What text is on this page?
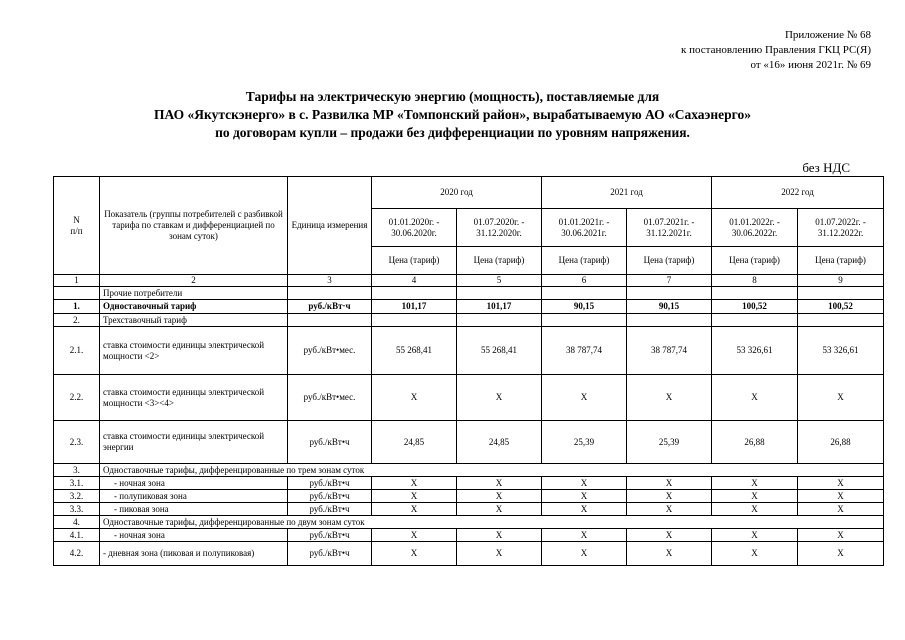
Приложение № 68
к постановлению Правления ГКЦ РС(Я)
от «16» июня 2021г. № 69
Тарифы на электрическую энергию (мощность), поставляемые для
ПАО «Якутскэнерго» в с. Развилка МР «Томпонский район», вырабатываемую АО «Сахаэнерго»
по договорам купли – продажи без дифференциации по уровням напряжения.
без НДС
N
п/п	Показатель (группы потребителей с разбивкой тарифа по ставкам и дифференциацией по зонам суток)	Единица измерения	2020 год		2021 год		2022 год	
			01.01.2020г. - 30.06.2020г.	01.07.2020г. - 31.12.2020г.	01.01.2021г. - 30.06.2021г.	01.07.2021г. - 31.12.2021г.	01.01.2022г. - 30.06.2022г.	01.07.2022г. - 31.12.2022г.
			Цена (тариф)	Цена (тариф)	Цена (тариф)	Цена (тариф)	Цена (тариф)	Цена (тариф)
1	2	3	4	5	6	7	8	9
	Прочие потребители							
1.	Одноставочный тариф	руб./кВт·ч	101,17	101,17	90,15	90,15	100,52	100,52
2.	Трехставочный тариф							
2.1.	ставка стоимости единицы электрической мощности <2>	руб./кВт•мес.	55 268,41	55 268,41	38 787,74	38 787,74	53 326,61	53 326,61
2.2.	ставка стоимости единицы электрической мощности <3><4>	руб./кВт•мес.	X	X	X	X	X	X
2.3.	ставка стоимости единицы электрической энергии	руб./кВт•ч	24,85	24,85	25,39	25,39	26,88	26,88
3.	Одноставочные тарифы, дифференцированные по трем зонам суток							
3.1.	- ночная зона	руб./кВт•ч	X	X	X	X	X	X
3.2.	- полупиковая зона	руб./кВт•ч	X	X	X	X	X	X
3.3.	- пиковая зона	руб./кВт•ч	X	X	X	X	X	X
4.	Одноставочные тарифы, дифференцированные по двум зонам суток							
4.1.	- ночная зона	руб./кВт•ч	X	X	X	X	X	X
4.2.	- дневная зона (пиковая и полупиковая)	руб./кВт•ч	X	X	X	X	X	X
